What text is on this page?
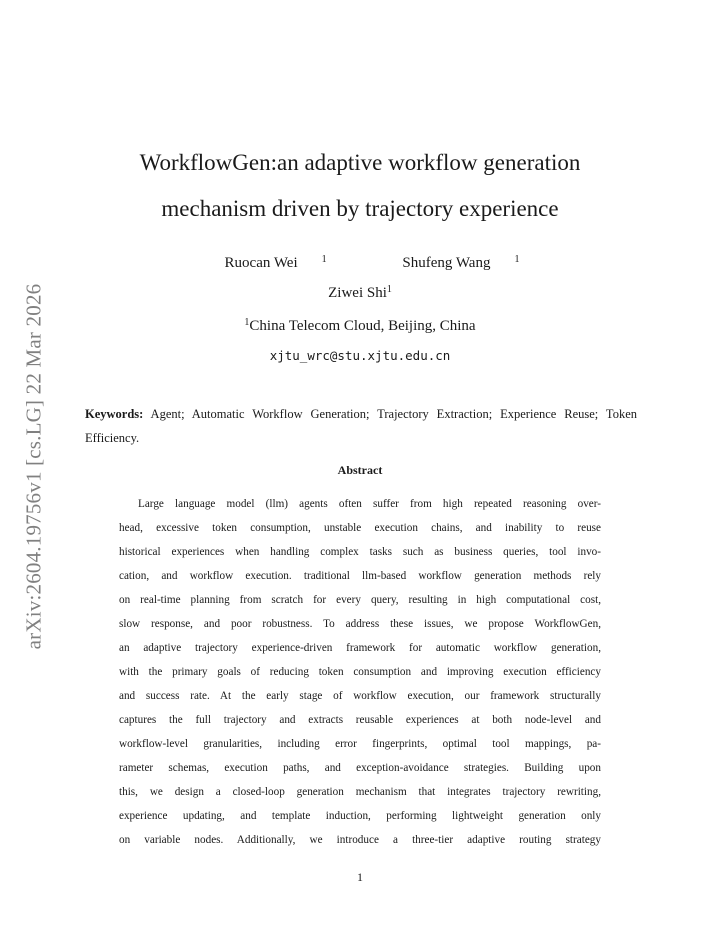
arXiv:2604.19756v1 [cs.LG] 22 Mar 2026
WorkflowGen:an adaptive workflow generation
mechanism driven by trajectory experience
Ruocan Wei $^1$	Shufeng Wang $^1$
Ziwei Shi$^1$
$^1$China Telecom Cloud, Beijing, China
xjtu_wrc@stu.xjtu.edu.cn
Keywords: Agent; Automatic Workflow Generation; Trajectory Extraction; Experience Reuse; Token Efficiency.
Abstract
Large language model (llm) agents often suffer from high repeated reasoning over-
head, excessive token consumption, unstable execution chains, and inability to reuse
historical experiences when handling complex tasks such as business queries, tool invo-
cation, and workflow execution. traditional llm-based workflow generation methods rely
on real-time planning from scratch for every query, resulting in high computational cost,
slow response, and poor robustness. To address these issues, we propose WorkflowGen,
an adaptive trajectory experience-driven framework for automatic workflow generation,
with the primary goals of reducing token consumption and improving execution efficiency
and success rate. At the early stage of workflow execution, our framework structurally
captures the full trajectory and extracts reusable experiences at both node-level and
workflow-level granularities, including error fingerprints, optimal tool mappings, pa-
rameter schemas, execution paths, and exception-avoidance strategies. Building upon
this, we design a closed-loop generation mechanism that integrates trajectory rewriting,
experience updating, and template induction, performing lightweight generation only
on variable nodes. Additionally, we introduce a three-tier adaptive routing strategy
1
